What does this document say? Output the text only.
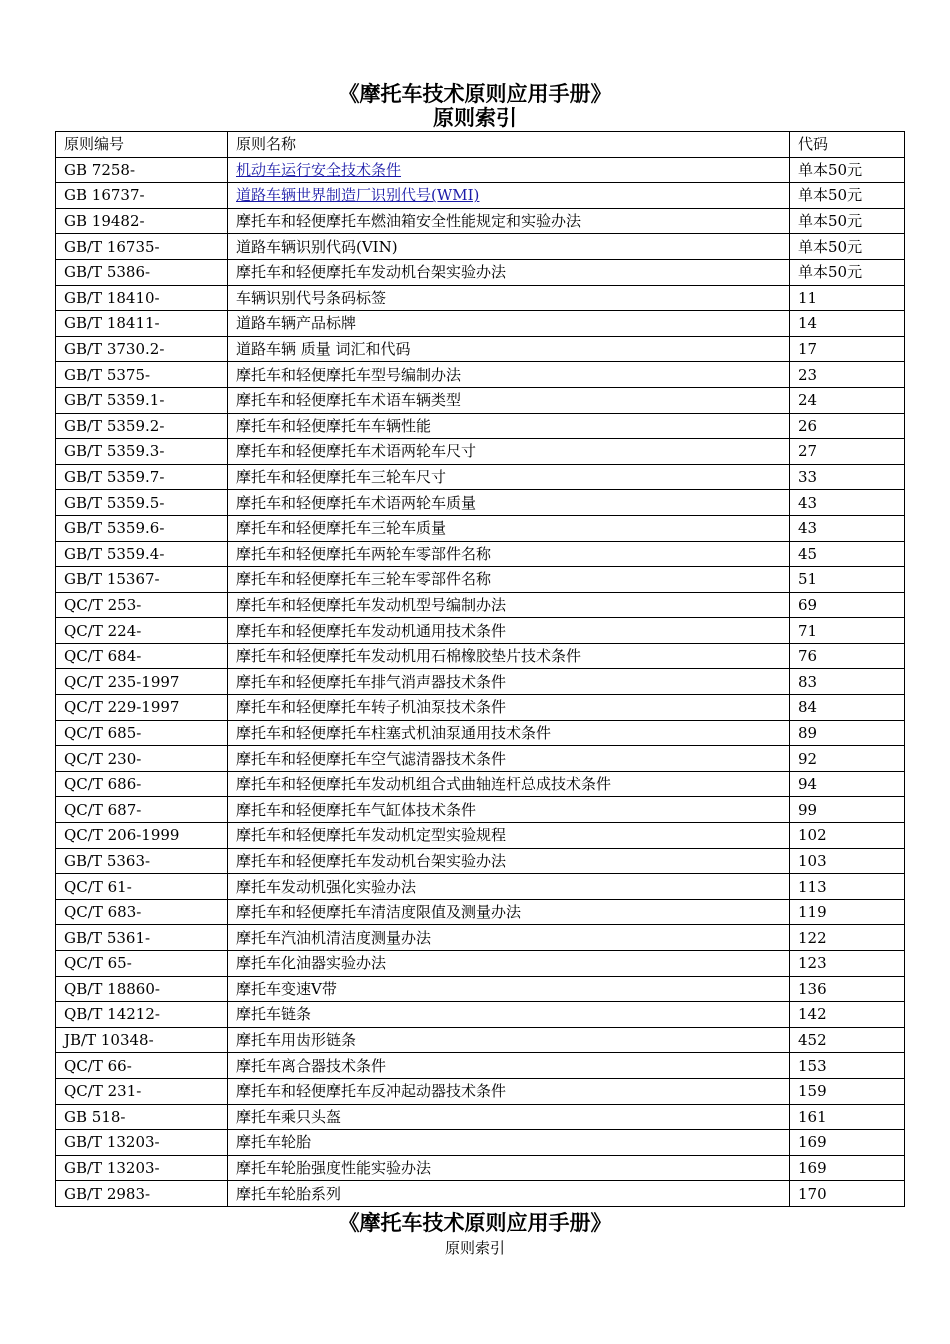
《摩托车技术原则应用手册》
原则索引
原则编号	原则名称	代码
GB 7258-	机动车运行安全技术条件	单本50元
GB 16737-	道路车辆世界制造厂识别代号(WMI)	单本50元
GB 19482-	摩托车和轻便摩托车燃油箱安全性能规定和实验办法	单本50元
GB/T 16735-	道路车辆识别代码(VIN)	单本50元
GB/T 5386-	摩托车和轻便摩托车发动机台架实验办法	单本50元
GB/T 18410-	车辆识别代号条码标签	11
GB/T 18411-	道路车辆产品标牌	14
GB/T 3730.2-	道路车辆 质量 词汇和代码	17
GB/T 5375-	摩托车和轻便摩托车型号编制办法	23
GB/T 5359.1-	摩托车和轻便摩托车术语车辆类型	24
GB/T 5359.2-	摩托车和轻便摩托车车辆性能	26
GB/T 5359.3-	摩托车和轻便摩托车术语两轮车尺寸	27
GB/T 5359.7-	摩托车和轻便摩托车三轮车尺寸	33
GB/T 5359.5-	摩托车和轻便摩托车术语两轮车质量	43
GB/T 5359.6-	摩托车和轻便摩托车三轮车质量	43
GB/T 5359.4-	摩托车和轻便摩托车两轮车零部件名称	45
GB/T 15367-	摩托车和轻便摩托车三轮车零部件名称	51
QC/T 253-	摩托车和轻便摩托车发动机型号编制办法	69
QC/T 224-	摩托车和轻便摩托车发动机通用技术条件	71
QC/T 684-	摩托车和轻便摩托车发动机用石棉橡胶垫片技术条件	76
QC/T 235-1997	摩托车和轻便摩托车排气消声器技术条件	83
QC/T 229-1997	摩托车和轻便摩托车转子机油泵技术条件	84
QC/T 685-	摩托车和轻便摩托车柱塞式机油泵通用技术条件	89
QC/T 230-	摩托车和轻便摩托车空气滤清器技术条件	92
QC/T 686-	摩托车和轻便摩托车发动机组合式曲轴连杆总成技术条件	94
QC/T 687-	摩托车和轻便摩托车气缸体技术条件	99
QC/T 206-1999	摩托车和轻便摩托车发动机定型实验规程	102
GB/T 5363-	摩托车和轻便摩托车发动机台架实验办法	103
QC/T 61-	摩托车发动机强化实验办法	113
QC/T 683-	摩托车和轻便摩托车清洁度限值及测量办法	119
GB/T 5361-	摩托车汽油机清洁度测量办法	122
QC/T 65-	摩托车化油器实验办法	123
QB/T 18860-	摩托车变速V带	136
QB/T 14212-	摩托车链条	142
JB/T 10348-	摩托车用齿形链条	452
QC/T 66-	摩托车离合器技术条件	153
QC/T 231-	摩托车和轻便摩托车反冲起动器技术条件	159
GB 518-	摩托车乘只头盔	161
GB/T 13203-	摩托车轮胎	169
GB/T 13203-	摩托车轮胎强度性能实验办法	169
GB/T 2983-	摩托车轮胎系列	170
《摩托车技术原则应用手册》
原则索引
